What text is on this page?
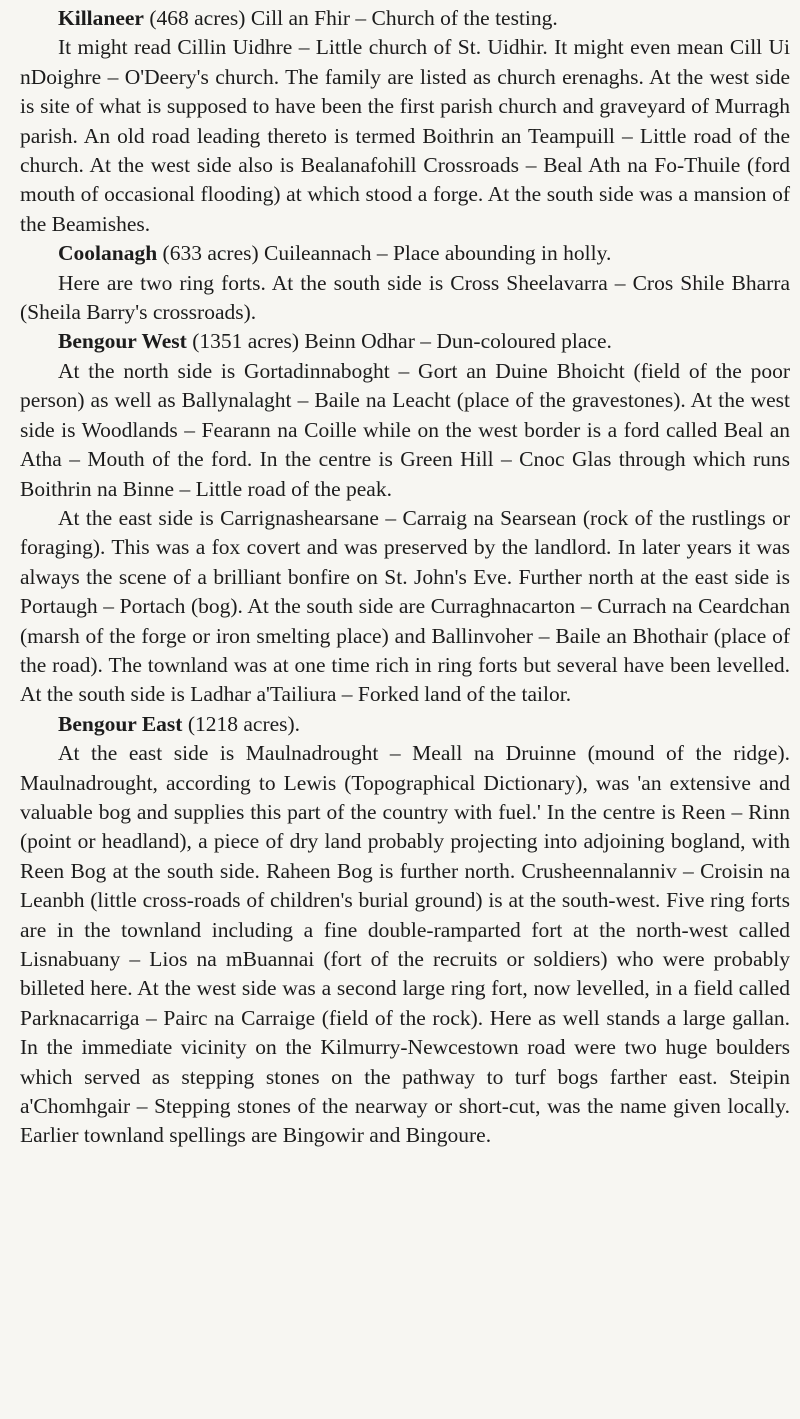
Killaneer (468 acres) Cill an Fhir – Church of the testing.

It might read Cillin Uidhre – Little church of St. Uidhir. It might even mean Cill Ui nDoighre – O'Deery's church. The family are listed as church erenaghs. At the west side is site of what is supposed to have been the first parish church and graveyard of Murragh parish. An old road leading thereto is termed Boithrin an Teampuill – Little road of the church. At the west side also is Bealanafohill Crossroads – Beal Ath na Fo-Thuile (ford mouth of occasional flooding) at which stood a forge. At the south side was a mansion of the Beamishes.

Coolanagh (633 acres) Cuileannach – Place abounding in holly.

Here are two ring forts. At the south side is Cross Sheelavarra – Cros Shile Bharra (Sheila Barry's crossroads).

Bengour West (1351 acres) Beinn Odhar – Dun-coloured place.

At the north side is Gortadinnaboght – Gort an Duine Bhoicht (field of the poor person) as well as Ballynalaght – Baile na Leacht (place of the gravestones). At the west side is Woodlands – Fearann na Coille while on the west border is a ford called Beal an Atha – Mouth of the ford. In the centre is Green Hill – Cnoc Glas through which runs Boithrin na Binne – Little road of the peak.

At the east side is Carrignashearsane – Carraig na Searsean (rock of the rustlings or foraging). This was a fox covert and was preserved by the landlord. In later years it was always the scene of a brilliant bonfire on St. John's Eve. Further north at the east side is Portaugh – Portach (bog). At the south side are Curraghnacarton – Currach na Ceardchan (marsh of the forge or iron smelting place) and Ballinvoher – Baile an Bhothair (place of the road). The townland was at one time rich in ring forts but several have been levelled. At the south side is Ladhar a'Tailiura – Forked land of the tailor.

Bengour East (1218 acres).

At the east side is Maulnadrought – Meall na Druinne (mound of the ridge). Maulnadrought, according to Lewis (Topographical Dictionary), was 'an extensive and valuable bog and supplies this part of the country with fuel.' In the centre is Reen – Rinn (point or headland), a piece of dry land probably projecting into adjoining bogland, with Reen Bog at the south side. Raheen Bog is further north. Crusheennalanniv – Croisin na Leanbh (little cross-roads of children's burial ground) is at the south-west. Five ring forts are in the townland including a fine double-ramparted fort at the north-west called Lisnabuany – Lios na mBuannai (fort of the recruits or soldiers) who were probably billeted here. At the west side was a second large ring fort, now levelled, in a field called Parknacarriga – Pairc na Carraige (field of the rock). Here as well stands a large gallan. In the immediate vicinity on the Kilmurry-Newcestown road were two huge boulders which served as stepping stones on the pathway to turf bogs farther east. Steipin a'Chomhgair – Stepping stones of the nearway or short-cut, was the name given locally. Earlier townland spellings are Bingowir and Bingoure.
